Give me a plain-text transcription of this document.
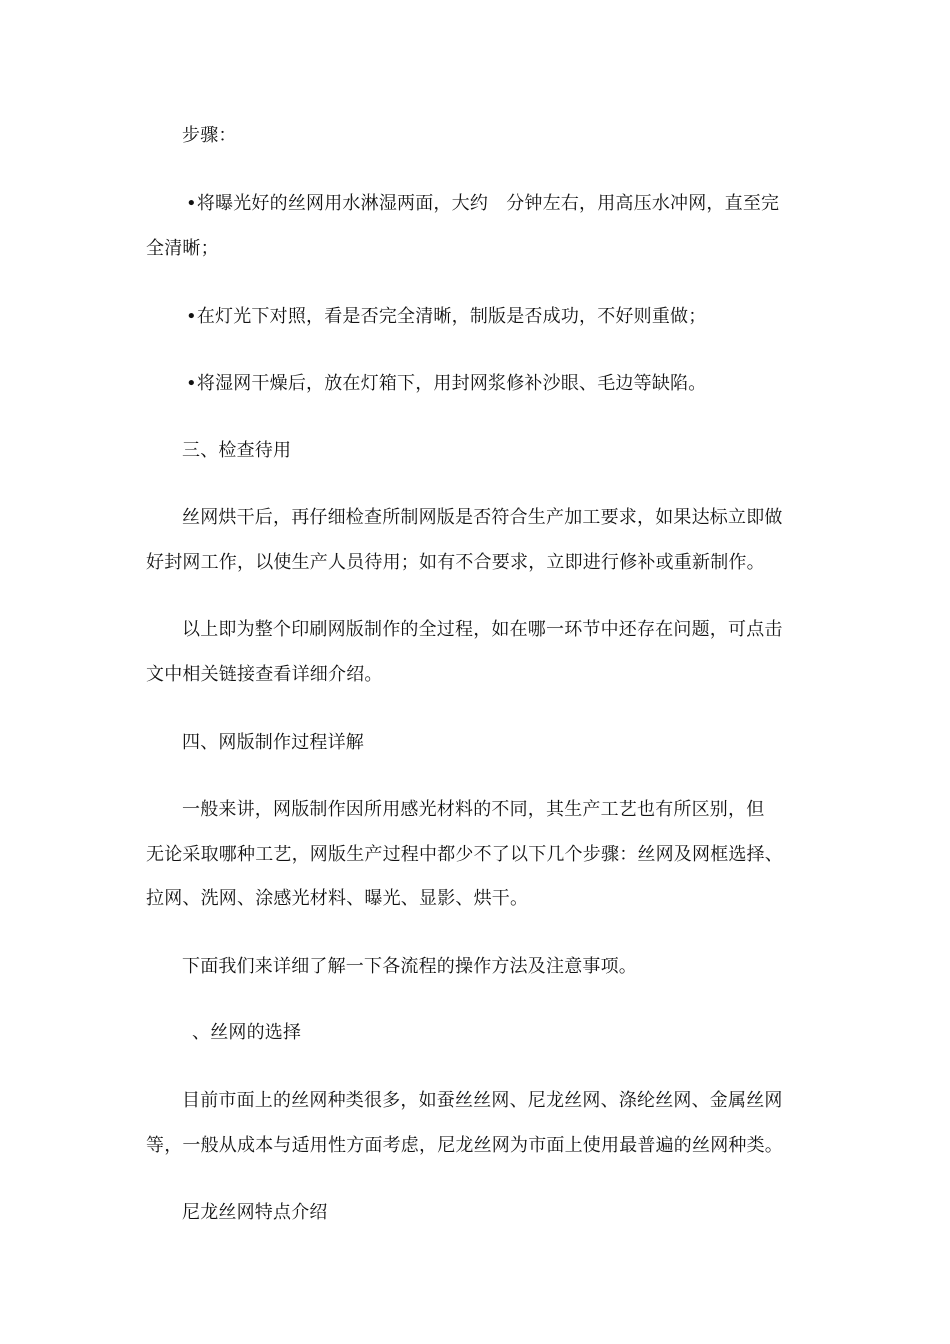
步骤：
•将曝光好的丝网用水淋湿两面，大约　分钟左右，用高压水冲网，直至完
全清晰；
•在灯光下对照，看是否完全清晰，制版是否成功，不好则重做；
•将湿网干燥后，放在灯箱下，用封网浆修补沙眼、毛边等缺陷。
三、检查待用
丝网烘干后，再仔细检查所制网版是否符合生产加工要求，如果达标立即做
好封网工作，以使生产人员待用；如有不合要求，立即进行修补或重新制作。
以上即为整个印刷网版制作的全过程，如在哪一环节中还存在问题，可点击
文中相关链接查看详细介绍。
四、网版制作过程详解
一般来讲，网版制作因所用感光材料的不同，其生产工艺也有所区别，但
无论采取哪种工艺，网版生产过程中都少不了以下几个步骤：丝网及网框选择、
拉网、洗网、涂感光材料、曝光、显影、烘干。
下面我们来详细了解一下各流程的操作方法及注意事项。
、丝网的选择
目前市面上的丝网种类很多，如蚕丝丝网、尼龙丝网、涤纶丝网、金属丝网
等，一般从成本与适用性方面考虑，尼龙丝网为市面上使用最普遍的丝网种类。
尼龙丝网特点介绍
